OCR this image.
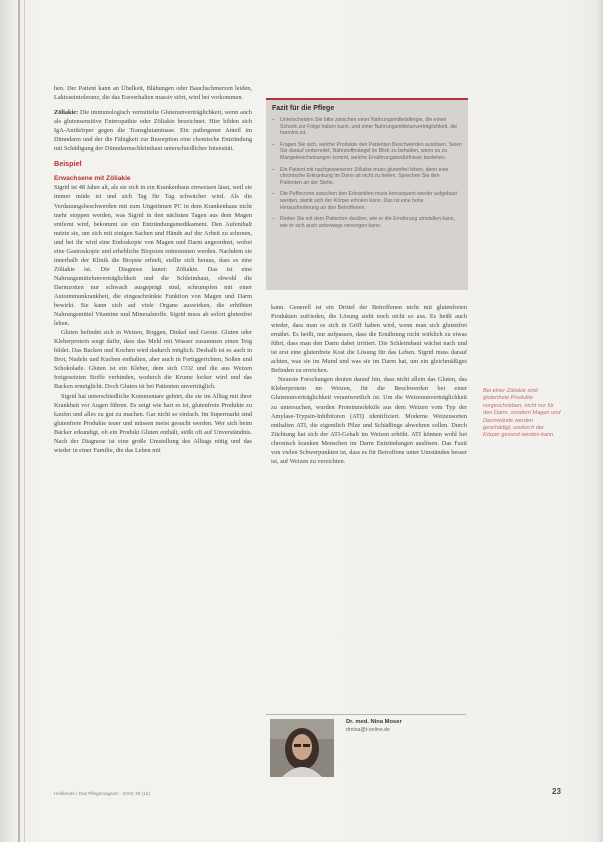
hen. Der Patient kann an Übelkeit, Blähungen oder Bauchschmerzen leiden, Laktoseintoleranz, die das Essverhalten massiv stört, wird bei vorkommen.

Zöliakie: Die immunologisch vermittelte Glutenunverträglichkeit, wenn auch als glutensensitive Enteropathie oder Zöliakie bezeichnet. Hier bilden sich IgA-Antikörper gegen die Transglutaminase. Ein pathogener Anteil im Dünndarm und der die Fähigkeit zur Resorption eine chemische Entzündung mit Schädigung der Dünndarmschleimhaut unterschiedlicher Intensität.

Beispiel
Erwachsene mit Zöliakie

Sigrid ist 48 Jahre alt, als sie sich in ein Krankenhaus einweisen lässt, weil sie immer müde ist und sich Tag für Tag schwächer wird. Als die Verdauungsbeschwerden mit zum Ungetümen PC in dem Krankenhaus nicht mehr stoppen werden, was Sigrid in den nächsten Tagen aus dem Magen entfernt wird, bekommt sie ein Entzündungsmedikament. Den Aufenthalt nutzte sie, um sich mit einigen Sachen und Hände auf der Arbeit zu schonen, und bei ihr wird eine Endoskopie von Magen und Darm angeordnet, wobei eine Gastroskopie und erhebliche Biopsien entnommen werden. Nachdem sie innerhalb der Klinik die Biopsie erhielt, stellte sich heraus, dass es eine Zöliakie ist. Die Diagnose lautet: Zöliakie. Das ist eine Nahrungsmittelunverträglichkeit und die Schleimhaut, obwohl die Darmzotten nur schwach ausgeprägt sind, schrumpfen mit einer Autoimmunkrankheit, die eingeschränkte Funktion von Magen und Darm bewirkt. Sie kann sich auf viele Organe auswirken, die erhöhten Nahrungsmittel Vitamine und Mineralstoffe. Sigrid muss ab sofort glutenfrei leben.

Gluten befindet sich in Weizen, Roggen, Dinkel und Gerste. Gluten oder Kleberprotein sorgt dafür, dass das Mehl mit Wasser zusammen einen Teig bildet. Das Backen und Kochen wird dadurch möglich. Deshalb ist es auch in Brot, Nudeln und Kuchen enthalten, aber auch in Fertiggerichten, Soßen und Schokolade. Gluten ist ein Kleber, dem sich CO2 und die aus Weizen freigesetzten Stoffe verbinden, wodurch die Krume locker wird und das Backen ermöglicht. Doch Gluten ist bei Patienten unverträglich.

Sigrid hat unterschiedliche Kommentare gehört, die sie im Alltag mit ihrer Krankheit vor Augen führen. Es zeigt wie hart es ist, glutenfreie Produkte zu kaufen und alles zu gut zu machen. Gar nicht so einfach. Im Supermarkt sind glutenfreie Produkte teuer und müssen meist gesucht werden. Wer sich beim Bäcker erkundigt, ob ein Produkt Gluten enthält, stößt oft auf Unverständnis. Nach der Diagnose ist eine große Umstellung des Alltags nötig und das wieder in einer Familie, die das Leben mit

Fazit für die Pflege
– Unterscheiden Sie bitte zwischen einer Nahrungsmittelallergie, die einen Schock zur Folge haben kann, und einer Nahrungsmittelunverträglichkeit, die harmlos ist.
– Fragen Sie sich, welche Produkte den Patienten Beschwerden auslösen. Seien Sie darauf vorbereitet, Nährstoffmängel im Blick zu behalten, wenn es zu Mangelerscheinungen kommt, welche Ernährungsbedürfnisse bestehen.
– Ein Patient mit nachgewiesener Zöliakie muss glutenfrei leben, denn eine chronische Erkrankung im Darm ist nicht zu heilen. Sprechen Sie den Patienten an der Stelle.
– Die Pufferzone zwischen den Erkrankten muss konsequent wieder aufgebaut werden, damit sich der Körper erholen kann. Das ist eine hohe Herausforderung an den Betroffenen.
– Reden Sie mit dem Patienten darüber, wie er die Ernährung umstellen kann, wie er sich auch unterwegs versorgen kann.

kann. Generell ist ein Drittel der Betroffenen nicht mit glutenfreien Produkten zufrieden, die Lösung sieht noch nicht so aus. Es heißt auch wieder, dass man es sich in Griff haben wird, wenn man sich glutenfrei ernährt. Es heißt, nur aufpassen, dass die Ernährung nicht wirklich zu etwas führt, dass man den Darm dabei irritiert. Die Schleimhaut wächst nach und ist erst eine glutenfreie Kost die Lösung für das Leben. Sigrid muss darauf achten, was sie im Mund und was sie im Darm hat, um ein gleichmäßiges Befinden zu erreichen.

Neueste Forschungen deuten darauf hin, dass nicht allein das Gluten, das Kleberprotein im Weizen, für die Beschwerden bei einer Glutenunverträglichkeit verantwortlich ist. Um die Weizenunverträglichkeit zu untersuchen, wurden Proteinmoleküle aus dem Weizen vom Typ der Amylase-Trypsin-Inhibitoren (ATI) identifiziert. Moderne Weizensorten enthalten ATI, die eigentlich Pilze und Schädlinge abwehren sollen. Durch Züchtung hat sich der ATI-Gehalt im Weizen erhöht. ATI können wohl bei chronisch kranken Menschen im Darm Entzündungen auslösen. Das Fazit von vielen Schwerpunkten ist, dass es für Betroffene unter Umständen besser ist, auf Weizen zu verzichten.

Bei einer Zöliakie sind glutenfreie Produkte vorgeschrieben, nicht nur für den Darm, sondern Magen und Darmwände werden geschädigt, wodurch der Körper gesund werden kann.
Dr. med. Nina Moser
drnina@t-online.de
Heilberufe / Das Pflegemagazin · 2016; 68 (12)	23
